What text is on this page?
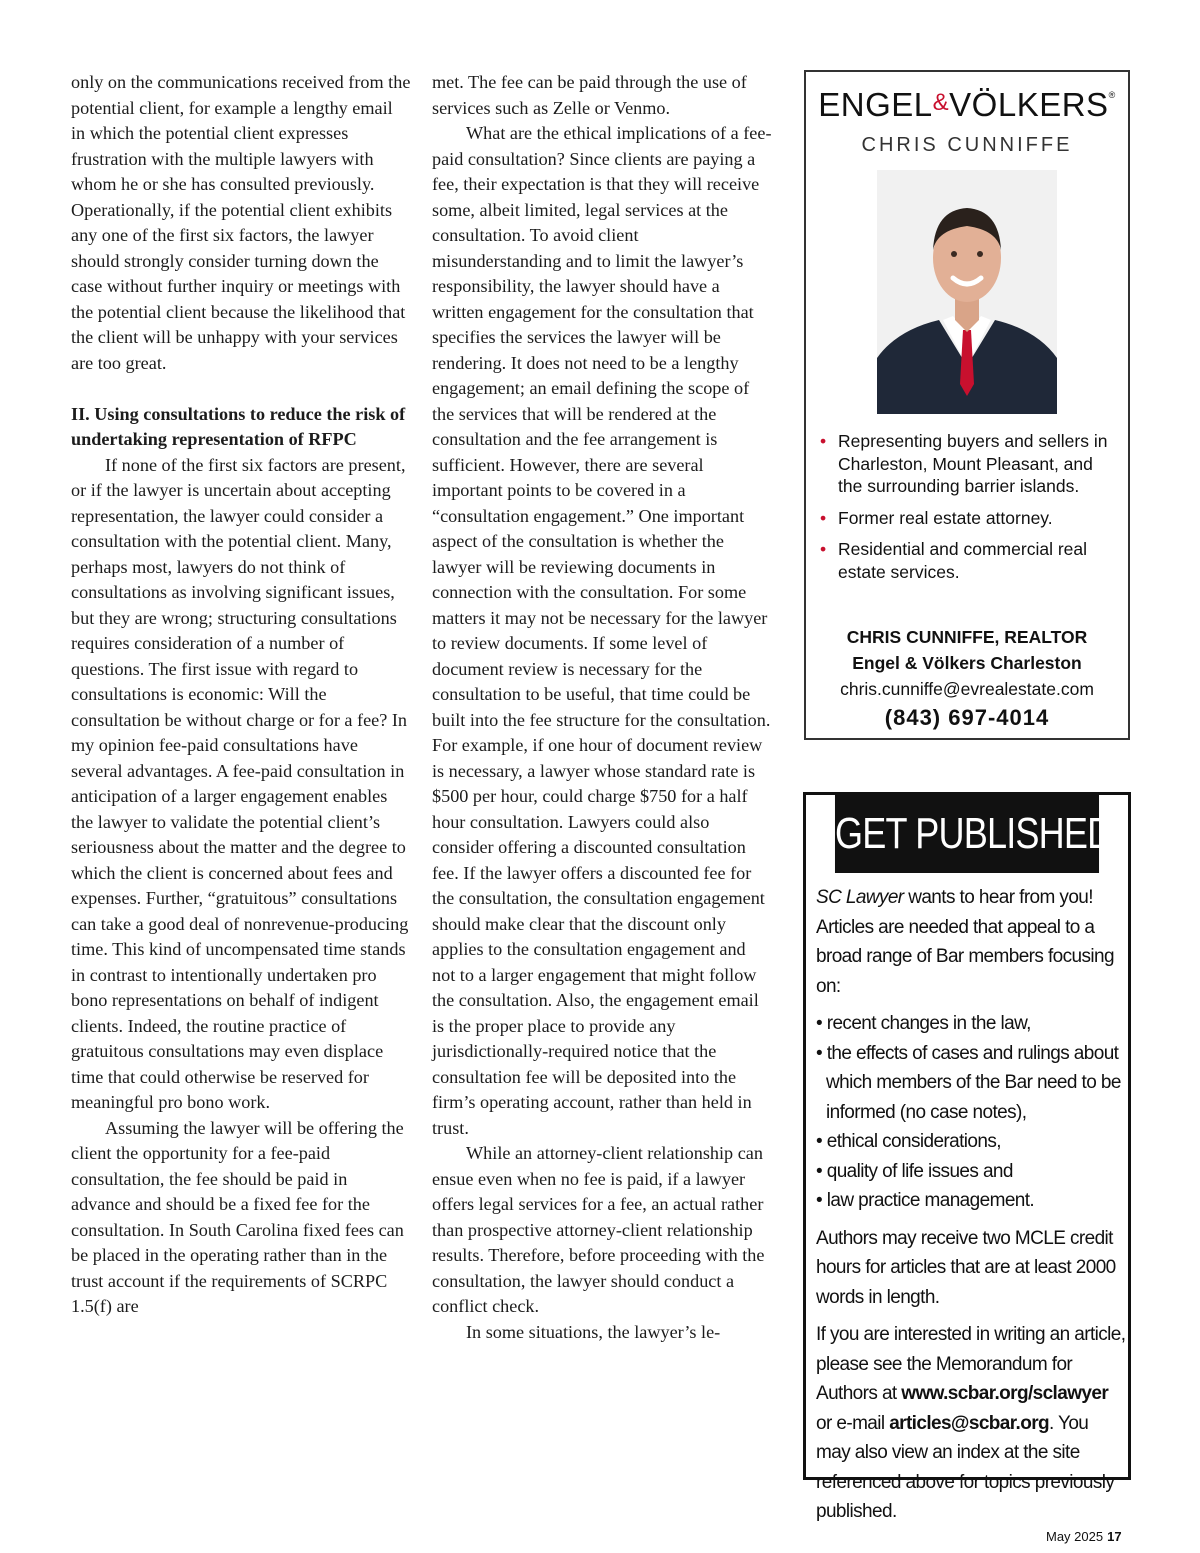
only on the communications received from the potential client, for example a lengthy email in which the potential client expresses frustration with the multiple lawyers with whom he or she has consulted previously. Operationally, if the potential client exhibits any one of the first six factors, the lawyer should strongly consider turning down the case without further inquiry or meetings with the potential client because the likelihood that the client will be unhappy with your services are too great.

II. Using consultations to reduce the risk of undertaking representation of RFPC

If none of the first six factors are present, or if the lawyer is uncertain about accepting representation, the lawyer could consider a consultation with the potential client. Many, perhaps most, lawyers do not think of consultations as involving significant issues, but they are wrong; structuring consultations requires consideration of a number of questions. The first issue with regard to consultations is economic: Will the consultation be without charge or for a fee? In my opinion fee-paid consultations have several advantages. A fee-paid consultation in anticipation of a larger engagement enables the lawyer to validate the potential client’s seriousness about the matter and the degree to which the client is concerned about fees and expenses. Further, “gratuitous” consultations can take a good deal of nonrevenue-producing time. This kind of uncompensated time stands in contrast to intentionally undertaken pro bono representations on behalf of indigent clients. Indeed, the routine practice of gratuitous consultations may even displace time that could otherwise be reserved for meaningful pro bono work.

Assuming the lawyer will be offering the client the opportunity for a fee-paid consultation, the fee should be paid in advance and should be a fixed fee for the consultation. In South Carolina fixed fees can be placed in the operating rather than in the trust account if the requirements of SCRPC 1.5(f) are

met. The fee can be paid through the use of services such as Zelle or Venmo.

What are the ethical implications of a fee-paid consultation? Since clients are paying a fee, their expectation is that they will receive some, albeit limited, legal services at the consultation. To avoid client misunderstanding and to limit the lawyer’s responsibility, the lawyer should have a written engagement for the consultation that specifies the services the lawyer will be rendering. It does not need to be a lengthy engagement; an email defining the scope of the services that will be rendered at the consultation and the fee arrangement is sufficient. However, there are several important points to be covered in a “consultation engagement.” One important aspect of the consultation is whether the lawyer will be reviewing documents in connection with the consultation. For some matters it may not be necessary for the lawyer to review documents. If some level of document review is necessary for the consultation to be useful, that time could be built into the fee structure for the consultation. For example, if one hour of document review is necessary, a lawyer whose standard rate is $500 per hour, could charge $750 for a half hour consultation. Lawyers could also consider offering a discounted consultation fee. If the lawyer offers a discounted fee for the consultation, the consultation engagement should make clear that the discount only applies to the consultation engagement and not to a larger engagement that might follow the consultation. Also, the engagement email is the proper place to provide any jurisdictionally-required notice that the consultation fee will be deposited into the firm’s operating account, rather than held in trust.

While an attorney-client relationship can ensue even when no fee is paid, if a lawyer offers legal services for a fee, an actual rather than prospective attorney-client relationship results. Therefore, before proceeding with the consultation, the lawyer should conduct a conflict check.

In some situations, the lawyer’s le-

ENGEL&VÖLKERS®
CHRIS CUNNIFFE
• Representing buyers and sellers in Charleston, Mount Pleasant, and the surrounding barrier islands.
• Former real estate attorney.
• Residential and commercial real estate services.
CHRIS CUNNIFFE, REALTOR
Engel & Völkers Charleston
chris.cunniffe@evrealestate.com
(843) 697-4014
GET PUBLISHED!

SC Lawyer wants to hear from you! Articles are needed that appeal to a broad range of Bar members focusing on:

• recent changes in the law,
• the effects of cases and rulings about which members of the Bar need to be informed (no case notes),
• ethical considerations,
• quality of life issues and
• law practice management.

Authors may receive two MCLE credit hours for articles that are at least 2000 words in length.

If you are interested in writing an article, please see the Memorandum for Authors at www.scbar.org/sclawyer or e-mail articles@scbar.org. You may also view an index at the site referenced above for topics previously published.

May 2025 17
